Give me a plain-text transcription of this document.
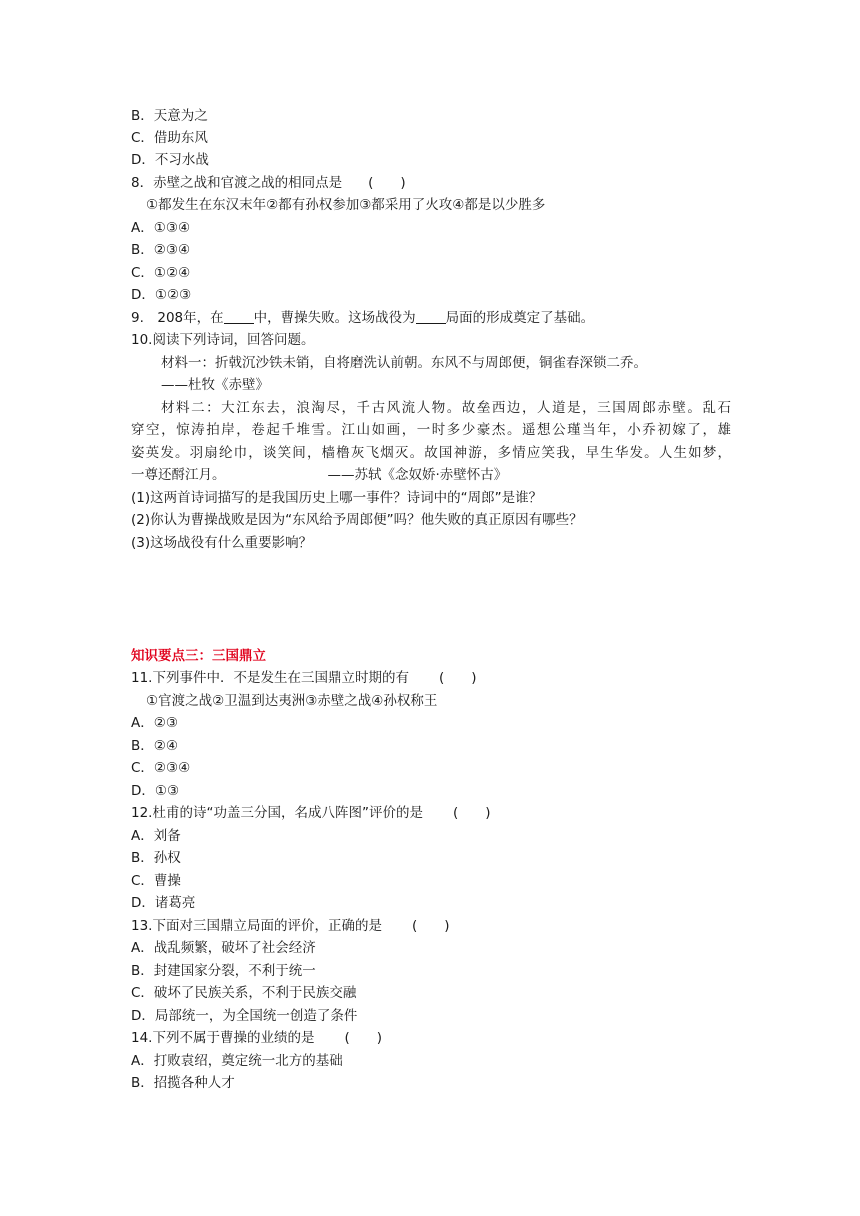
B．天意为之
C．借助东风
D．不习水战
8．赤壁之战和官渡之战的相同点是 (　　)
①都发生在东汉末年②都有孙权参加③都采用了火攻④都是以少胜多
A．①③④
B．②③④
C．①②④
D．①②③
9.　208年，在 中，曹操失败。这场战役为 局面的形成奠定了基础。
10.阅读下列诗词，回答问题。
材料一：折戟沉沙铁未销，自将磨洗认前朝。东风不与周郎便，铜雀春深锁二乔。
——杜牧《赤壁》
材料二：大江东去，浪淘尽，千古风流人物。故垒西边，人道是，三国周郎赤壁。乱石
穿空，惊涛拍岸，卷起千堆雪。江山如画，一时多少豪杰。遥想公瑾当年，小乔初嫁了，雄
姿英发。羽扇纶巾，谈笑间，樯橹灰飞烟灭。故国神游，多情应笑我，早生华发。人生如梦，
一尊还酹江月。	——苏轼《念奴娇·赤壁怀古》
(1)这两首诗词描写的是我国历史上哪一事件？诗词中的“周郎”是谁？
(2)你认为曹操战败是因为“东风给予周郎便”吗？他失败的真正原因有哪些？
(3)这场战役有什么重要影响？
知识要点三：三国鼎立
11.下列事件中．不是发生在三国鼎立时期的有 (　　)
①官渡之战②卫温到达夷洲③赤壁之战④孙权称王
A．②③
B．②④
C．②③④
D．①③
12.杜甫的诗“功盖三分国，名成八阵图”评价的是 (　　)
A．刘备
B．孙权
C．曹操
D．诸葛亮
13.下面对三国鼎立局面的评价，正确的是 (　　)
A．战乱频繁，破坏了社会经济
B．封建国家分裂，不利于统一
C．破坏了民族关系，不利于民族交融
D．局部统一，为全国统一创造了条件
14.下列不属于曹操的业绩的是 (　　)
A．打败袁绍，奠定统一北方的基础
B．招揽各种人才
